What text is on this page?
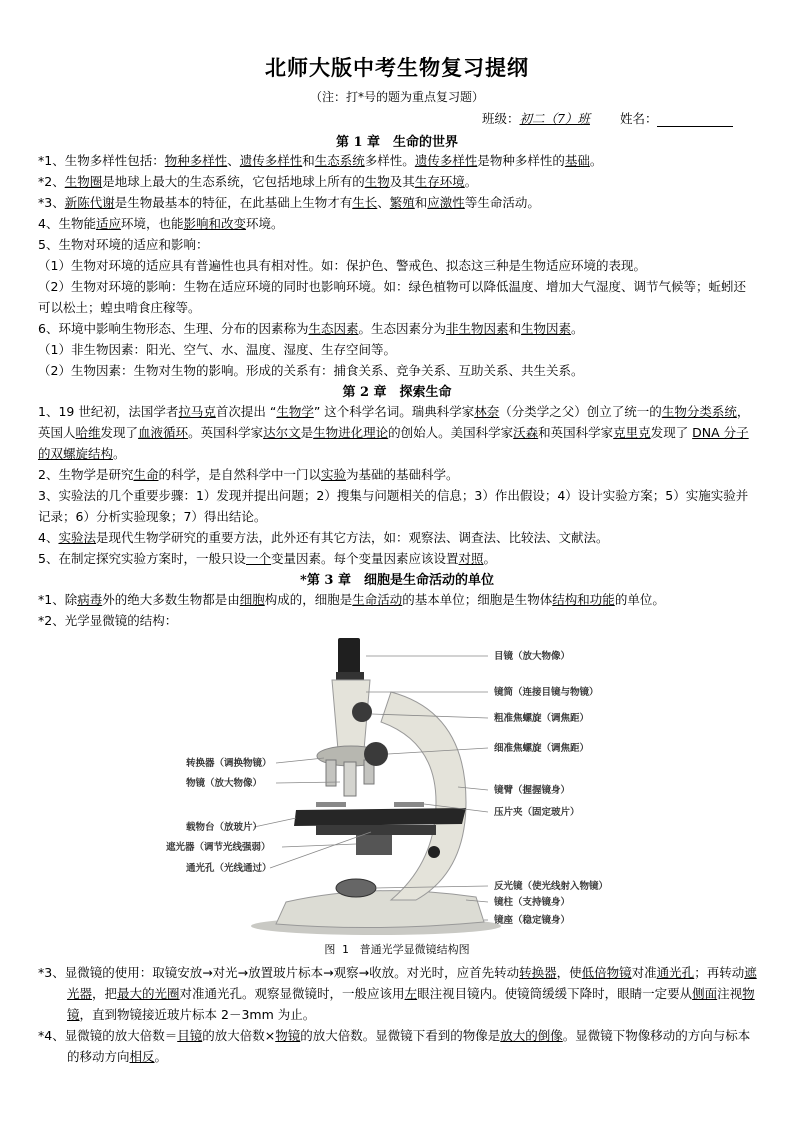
北师大版中考生物复习提纲
（注：打*号的题为重点复习题）
班级：初二（7）班 姓名：
第 1 章　生命的世界
*1、生物多样性包括：物种多样性、遗传多样性和生态系统多样性。遗传多样性是物种多样性的基础。
*2、生物圈是地球上最大的生态系统，它包括地球上所有的生物及其生存环境。
*3、新陈代谢是生物最基本的特征，在此基础上生物才有生长、繁殖和应激性等生命活动。
4、生物能适应环境，也能影响和改变环境。
5、生物对环境的适应和影响：
（1）生物对环境的适应具有普遍性也具有相对性。如：保护色、警戒色、拟态这三种是生物适应环境的表现。
（2）生物对环境的影响：生物在适应环境的同时也影响环境。如：绿色植物可以降低温度、增加大气湿度、调节气候等；蚯蚓还可以松土；蝗虫啃食庄稼等。
6、环境中影响生物形态、生理、分布的因素称为生态因素。生态因素分为非生物因素和生物因素。
（1）非生物因素：阳光、空气、水、温度、湿度、生存空间等。
（2）生物因素：生物对生物的影响。形成的关系有：捕食关系、竞争关系、互助关系、共生关系。
第 2 章　探索生命
1、19 世纪初，法国学者拉马克首次提出 “生物学” 这个科学名词。瑞典科学家林奈（分类学之父）创立了统一的生物分类系统，英国人哈维发现了血液循环。英国科学家达尔文是生物进化理论的创始人。美国科学家沃森和英国科学家克里克发现了 DNA 分子的双螺旋结构。
2、生物学是研究生命的科学，是自然科学中一门以实验为基础的基础科学。
3、实验法的几个重要步骤：1）发现并提出问题；2）搜集与问题相关的信息；3）作出假设；4）设计实验方案；5）实施实验并记录；6）分析实验现象；7）得出结论。
4、实验法是现代生物学研究的重要方法，此外还有其它方法，如：观察法、调查法、比较法、文献法。
5、在制定探究实验方案时，一般只设一个变量因素。每个变量因素应该设置对照。
*第 3 章　细胞是生命活动的单位
*1、除病毒外的绝大多数生物都是由细胞构成的，细胞是生命活动的基本单位；细胞是生物体结构和功能的单位。
*2、光学显微镜的结构：
目镜（放大物像）
镜筒（连接目镜与物镜）
粗准焦螺旋（调焦距）
细准焦螺旋（调焦距）
镜臂（握握镜身）
压片夹（固定玻片）
反光镜（使光线射入物镜）
镜柱（支持镜身）
镜座（稳定镜身）
转换器（调换物镜）
物镜（放大物像）
载物台（放玻片）
遮光器（调节光线强弱）
通光孔（光线通过）
图 1　普通光学显微镜结构图
*3、显微镜的使用：取镜安放→对光→放置玻片标本→观察→收放。对光时，应首先转动转换器，使低倍物镜对准通光孔；再转动遮光器，把最大的光圈对准通光孔。观察显微镜时，一般应该用左眼注视目镜内。使镜筒缓缓下降时，眼睛一定要从侧面注视物镜，直到物镜接近玻片标本 2－3mm 为止。
*4、显微镜的放大倍数＝目镜的放大倍数×物镜的放大倍数。显微镜下看到的物像是放大的倒像。显微镜下物像移动的方向与标本的移动方向相反。
